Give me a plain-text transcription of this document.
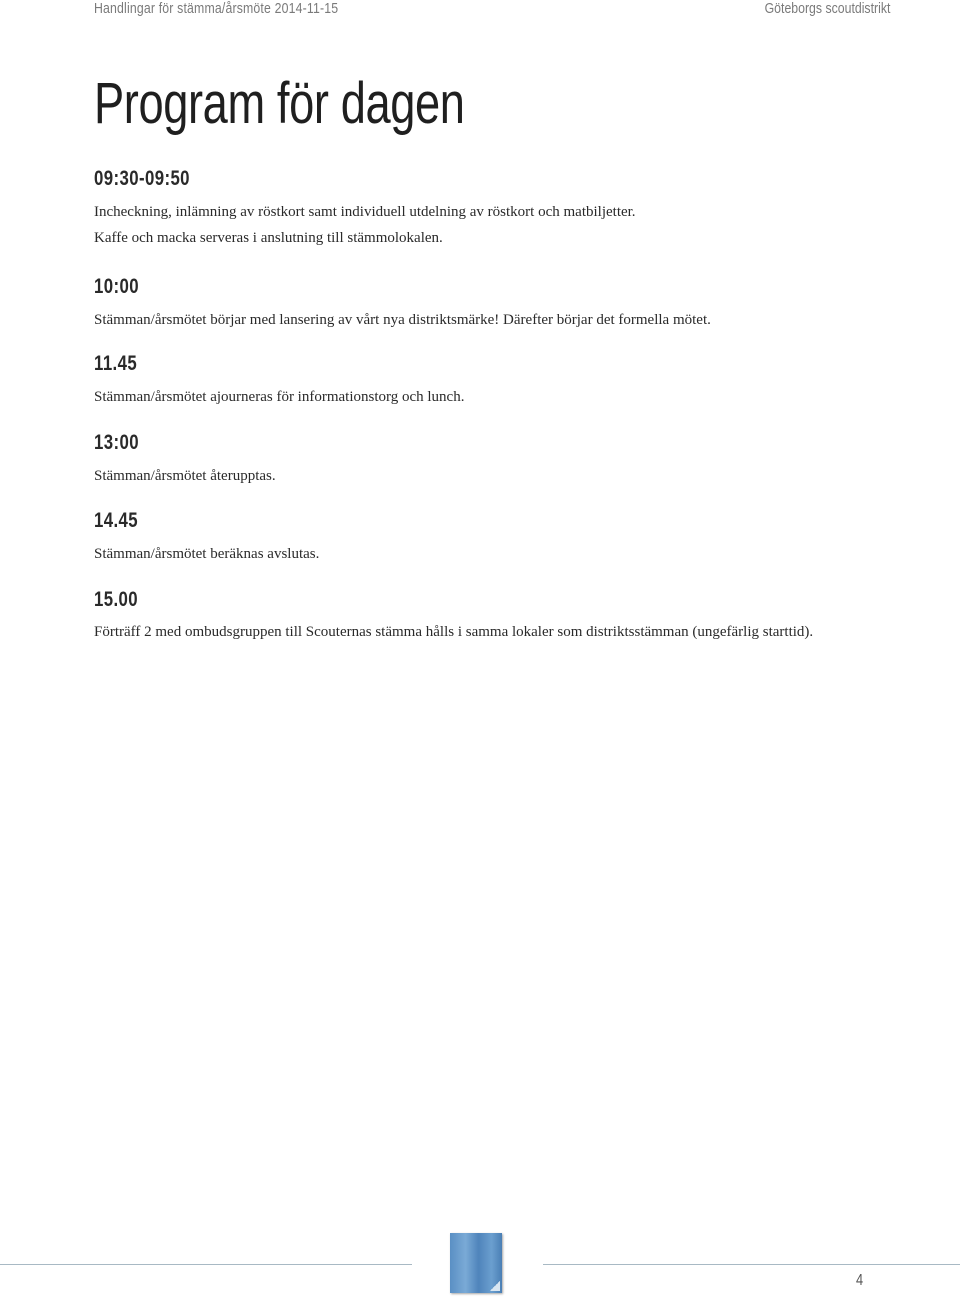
Handlingar för stämma/årsmöte 2014-11-15	Göteborgs scoutdistrikt
Program för dagen
09:30-09:50
Incheckning, inlämning av röstkort samt individuell utdelning av röstkort och matbiljetter.
Kaffe och macka serveras i anslutning till stämmolokalen.
10:00
Stämman/årsmötet börjar med lansering av vårt nya distriktsmärke! Därefter börjar det formella mötet.
11.45
Stämman/årsmötet ajourneras för informationstorg och lunch.
13:00
Stämman/årsmötet återupptas.
14.45
Stämman/årsmötet beräknas avslutas.
15.00
Förträff 2 med ombudsgruppen till Scouternas stämma hålls i samma lokaler som distriktsstämman (ungefärlig starttid).
4
